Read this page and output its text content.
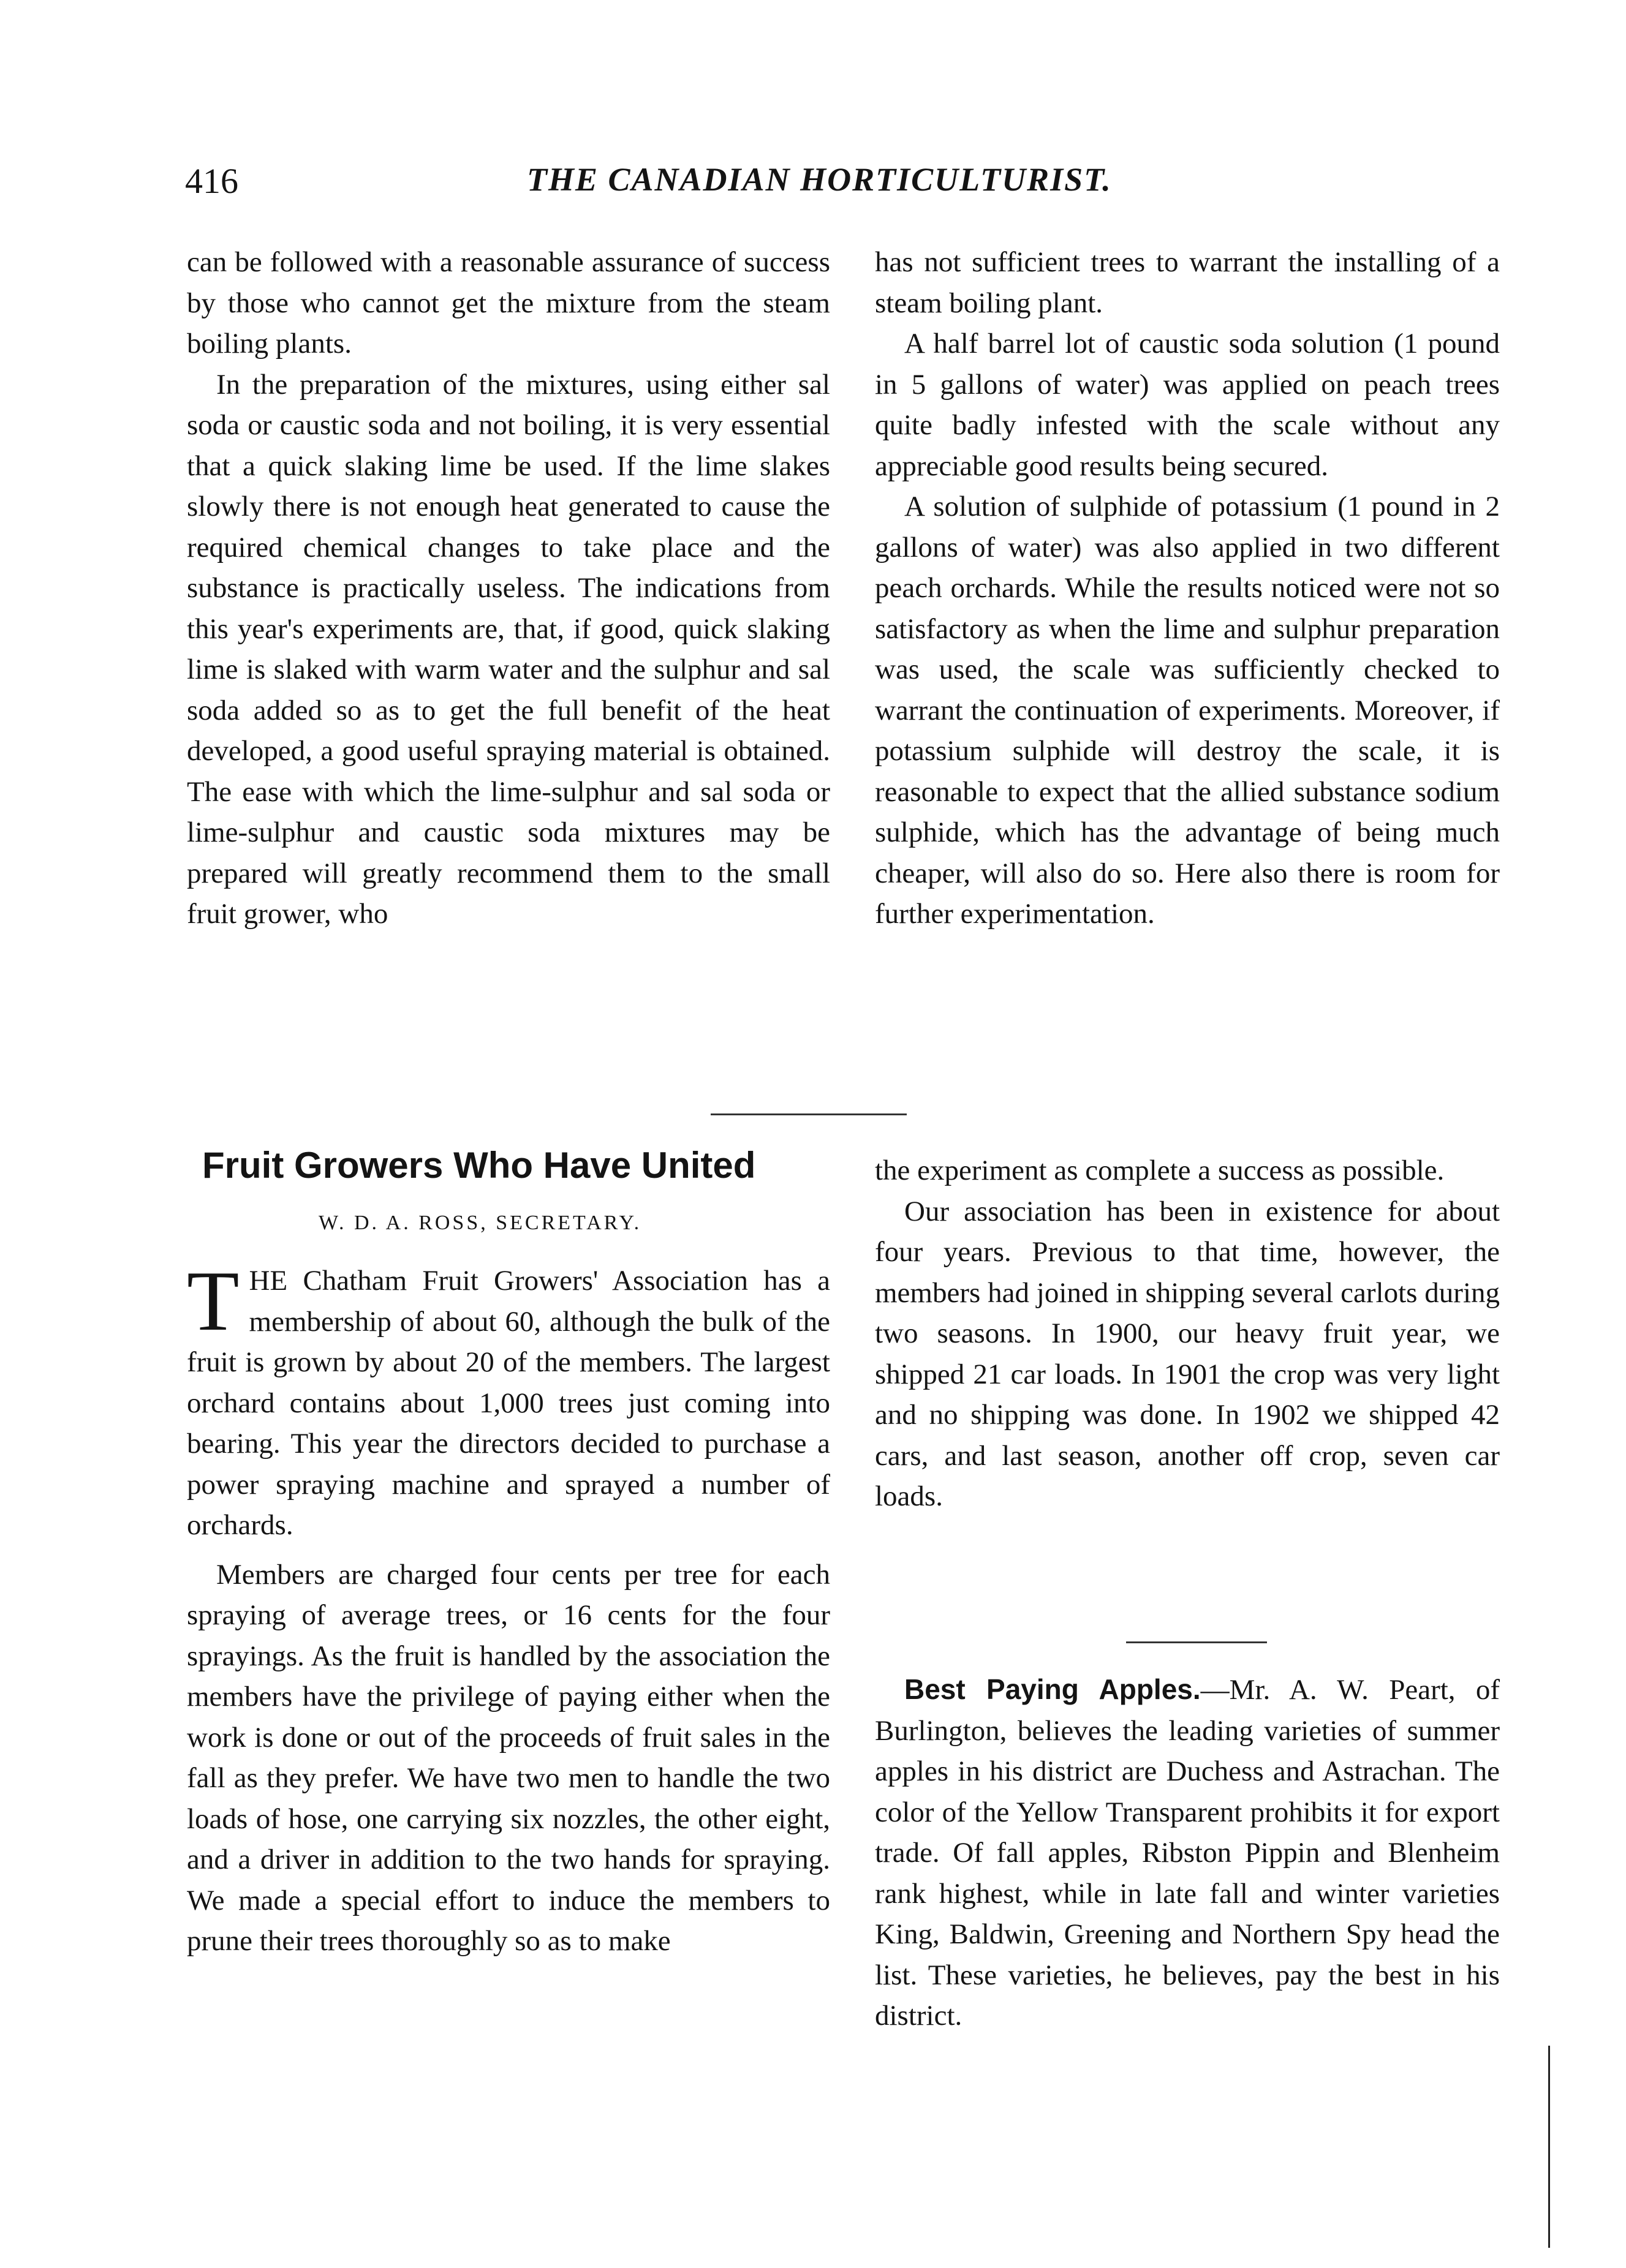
416	THE CANADIAN HORTICULTURIST.

can be followed with a reasonable assurance of success by those who cannot get the mixture from the steam boiling plants.

In the preparation of the mixtures, using either sal soda or caustic soda and not boiling, it is very essential that a quick slaking lime be used. If the lime slakes slowly there is not enough heat generated to cause the required chemical changes to take place and the substance is practically useless. The indications from this year's experiments are, that, if good, quick slaking lime is slaked with warm water and the sulphur and sal soda added so as to get the full benefit of the heat developed, a good useful spraying material is obtained. The ease with which the lime-sulphur and sal soda or lime-sulphur and caustic soda mixtures may be prepared will greatly recommend them to the small fruit grower, who

has not sufficient trees to warrant the installing of a steam boiling plant.

A half barrel lot of caustic soda solution (1 pound in 5 gallons of water) was applied on peach trees quite badly infested with the scale without any appreciable good results being secured.

A solution of sulphide of potassium (1 pound in 2 gallons of water) was also applied in two different peach orchards. While the results noticed were not so satisfactory as when the lime and sulphur preparation was used, the scale was sufficiently checked to warrant the continuation of experiments. Moreover, if potassium sulphide will destroy the scale, it is reasonable to expect that the allied substance sodium sulphide, which has the advantage of being much cheaper, will also do so. Here also there is room for further experimentation.

Fruit Growers Who Have United
W. D. A. ROSS, SECRETARY.

THE Chatham Fruit Growers' Association has a membership of about 60, although the bulk of the fruit is grown by about 20 of the members. The largest orchard contains about 1,000 trees just coming into bearing. This year the directors decided to purchase a power spraying machine and sprayed a number of orchards.

Members are charged four cents per tree for each spraying of average trees, or 16 cents for the four sprayings. As the fruit is handled by the association the members have the privilege of paying either when the work is done or out of the proceeds of fruit sales in the fall as they prefer. We have two men to handle the two loads of hose, one carrying six nozzles, the other eight, and a driver in addition to the two hands for spraying. We made a special effort to induce the members to prune their trees thoroughly so as to make

the experiment as complete a success as possible.

Our association has been in existence for about four years. Previous to that time, however, the members had joined in shipping several carlots during two seasons. In 1900, our heavy fruit year, we shipped 21 car loads. In 1901 the crop was very light and no shipping was done. In 1902 we shipped 42 cars, and last season, another off crop, seven car loads.

Best Paying Apples.—Mr. A. W. Peart, of Burlington, believes the leading varieties of summer apples in his district are Duchess and Astrachan. The color of the Yellow Transparent prohibits it for export trade. Of fall apples, Ribston Pippin and Blenheim rank highest, while in late fall and winter varieties King, Baldwin, Greening and Northern Spy head the list. These varieties, he believes, pay the best in his district.
